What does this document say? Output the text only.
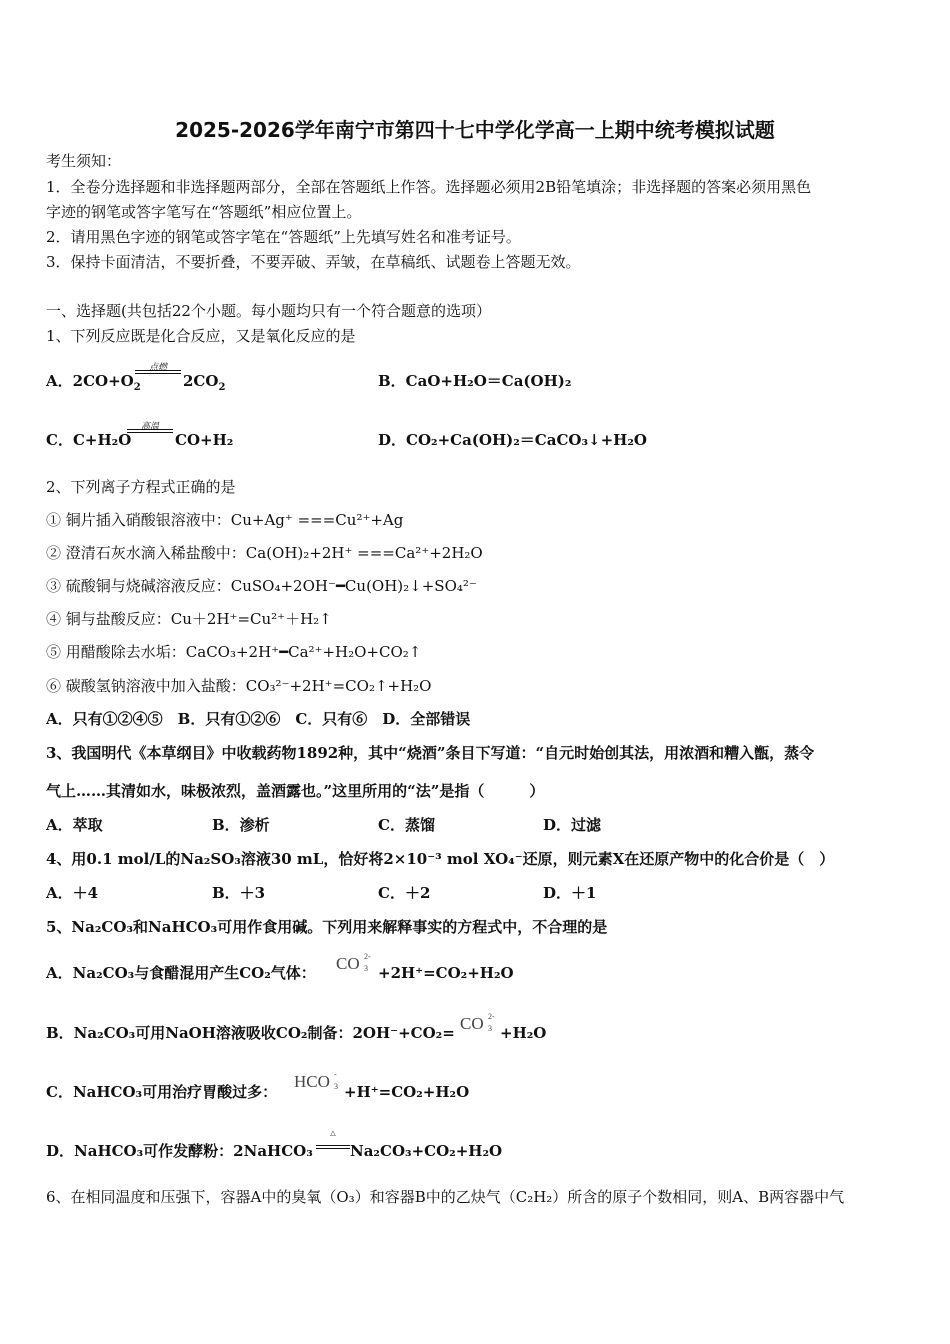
2025-2026学年南宁市第四十七中学化学高一上期中统考模拟试题
考生须知：
1．全卷分选择题和非选择题两部分，全部在答题纸上作答。选择题必须用2B铅笔填涂；非选择题的答案必须用黑色
字迹的钢笔或答字笔写在“答题纸”相应位置上。
2．请用黑色字迹的钢笔或答字笔在“答题纸”上先填写姓名和准考证号。
3．保持卡面清洁，不要折叠，不要弄破、弄皱，在草稿纸、试题卷上答题无效。
一、选择题(共包括22个小题。每小题均只有一个符合题意的选项）
1、下列反应既是化合反应，又是氧化反应的是
A．$2CO+O_2$
点燃
$2CO_2$	B．CaO+H₂O＝Ca(OH)₂
C．C+H₂O
高温
CO+H₂	D．CO₂+Ca(OH)₂＝CaCO₃↓+H₂O
2、下列离子方程式正确的是
① 铜片插入硝酸银溶液中：Cu+Ag⁺ ===Cu²⁺+Ag
② 澄清石灰水滴入稀盐酸中：Ca(OH)₂+2H⁺ ===Ca²⁺+2H₂O
③ 硫酸铜与烧碱溶液反应：CuSO₄+2OH⁻━Cu(OH)₂↓+SO₄²⁻
④ 铜与盐酸反应：Cu＋2H⁺=Cu²⁺＋H₂↑
⑤ 用醋酸除去水垢：CaCO₃+2H⁺━Ca²⁺+H₂O+CO₂↑
⑥ 碳酸氢钠溶液中加入盐酸：CO₃²⁻+2H⁺=CO₂↑+H₂O
A．只有①②④⑤　B．只有①②⑥　C．只有⑥　D．全部错误
3、我国明代《本草纲目》中收载药物1892种，其中“烧酒”条目下写道：“自元时始创其法，用浓酒和糟入甑，蒸令
气上……其清如水，味极浓烈，盖酒露也。”这里所用的“法”是指（　　　）
A．萃取	B．渗析	C．蒸馏	D．过滤
4、用0.1 mol/L的Na₂SO₃溶液30 mL，恰好将2×10⁻³ mol XO₄⁻还原，则元素X在还原产物中的化合价是（　）
A．＋4	B．＋3	C．＋2	D．＋1
5、Na₂CO₃和NaHCO₃可用作食用碱。下列用来解释事实的方程式中，不合理的是
A．Na₂CO₃与食醋混用产生CO₂气体： CO 2-
3 +2H⁺=CO₂+H₂O
B．Na₂CO₃可用NaOH溶液吸收CO₂制备：2OH⁻+CO₂= CO 2-
3 +H₂O
C．NaHCO₃可用治疗胃酸过多：
HCO -
3 +H⁺=CO₂+H₂O
D．NaHCO₃可作发酵粉：2NaHCO₃
△
Na₂CO₃+CO₂+H₂O
6、在相同温度和压强下，容器A中的臭氧（O₃）和容器B中的乙炔气（C₂H₂）所含的原子个数相同，则A、B两容器中气
